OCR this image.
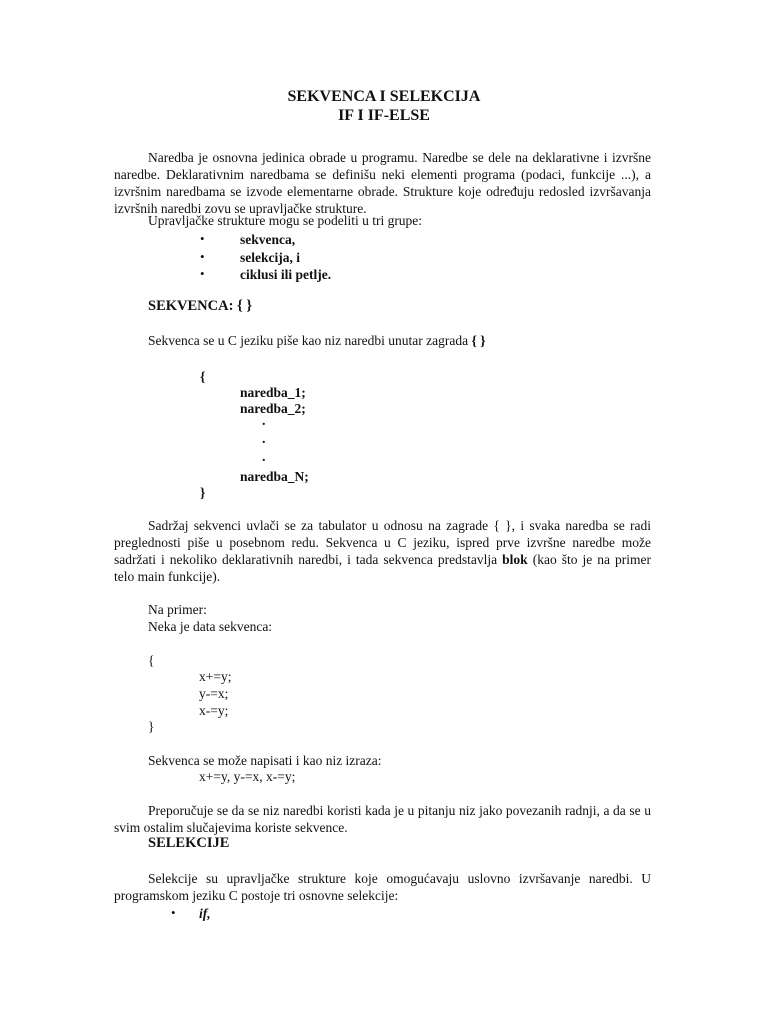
SEKVENCA I SELEKCIJA
IF I IF-ELSE
Naredba je osnovna jedinica obrade u programu. Naredbe se dele na deklarativne i izvršne naredbe. Deklarativnim naredbama se definišu neki elementi programa (podaci, funkcije ...), a izvršnim naredbama se izvode elementarne obrade. Strukture koje određuju redosled izvršavanja izvršnih naredbi zovu se upravljačke strukture.
Upravljačke strukture mogu se podeliti u tri grupe:
•	sekvenca,
•	selekcija, i
•	ciklusi ili petlje.
SEKVENCA: { }
Sekvenca se u C jeziku piše kao niz naredbi unutar zagrada { }
{
naredba_1;
naredba_2;
.
.
.
naredba_N;
}
Sadržaj sekvenci uvlači se za tabulator u odnosu na zagrade { }, i svaka naredba se radi preglednosti piše u posebnom redu. Sekvenca u C jeziku, ispred prve izvršne naredbe može sadržati i nekoliko deklarativnih naredbi, i tada sekvenca predstavlja blok (kao što je na primer telo main funkcije).
Na primer:
Neka je data sekvenca:
{
x+=y;
y-=x;
x-=y;
}
Sekvenca se može napisati i kao niz izraza:
x+=y, y-=x, x-=y;
Preporučuje se da se niz naredbi koristi kada je u pitanju niz jako povezanih radnji, a da se u svim ostalim slučajevima koriste sekvence.
SELEKCIJE
Selekcije su upravljačke strukture koje omogućavaju uslovno izvršavanje naredbi. U programskom jeziku C postoje tri osnovne selekcije:
• if,
